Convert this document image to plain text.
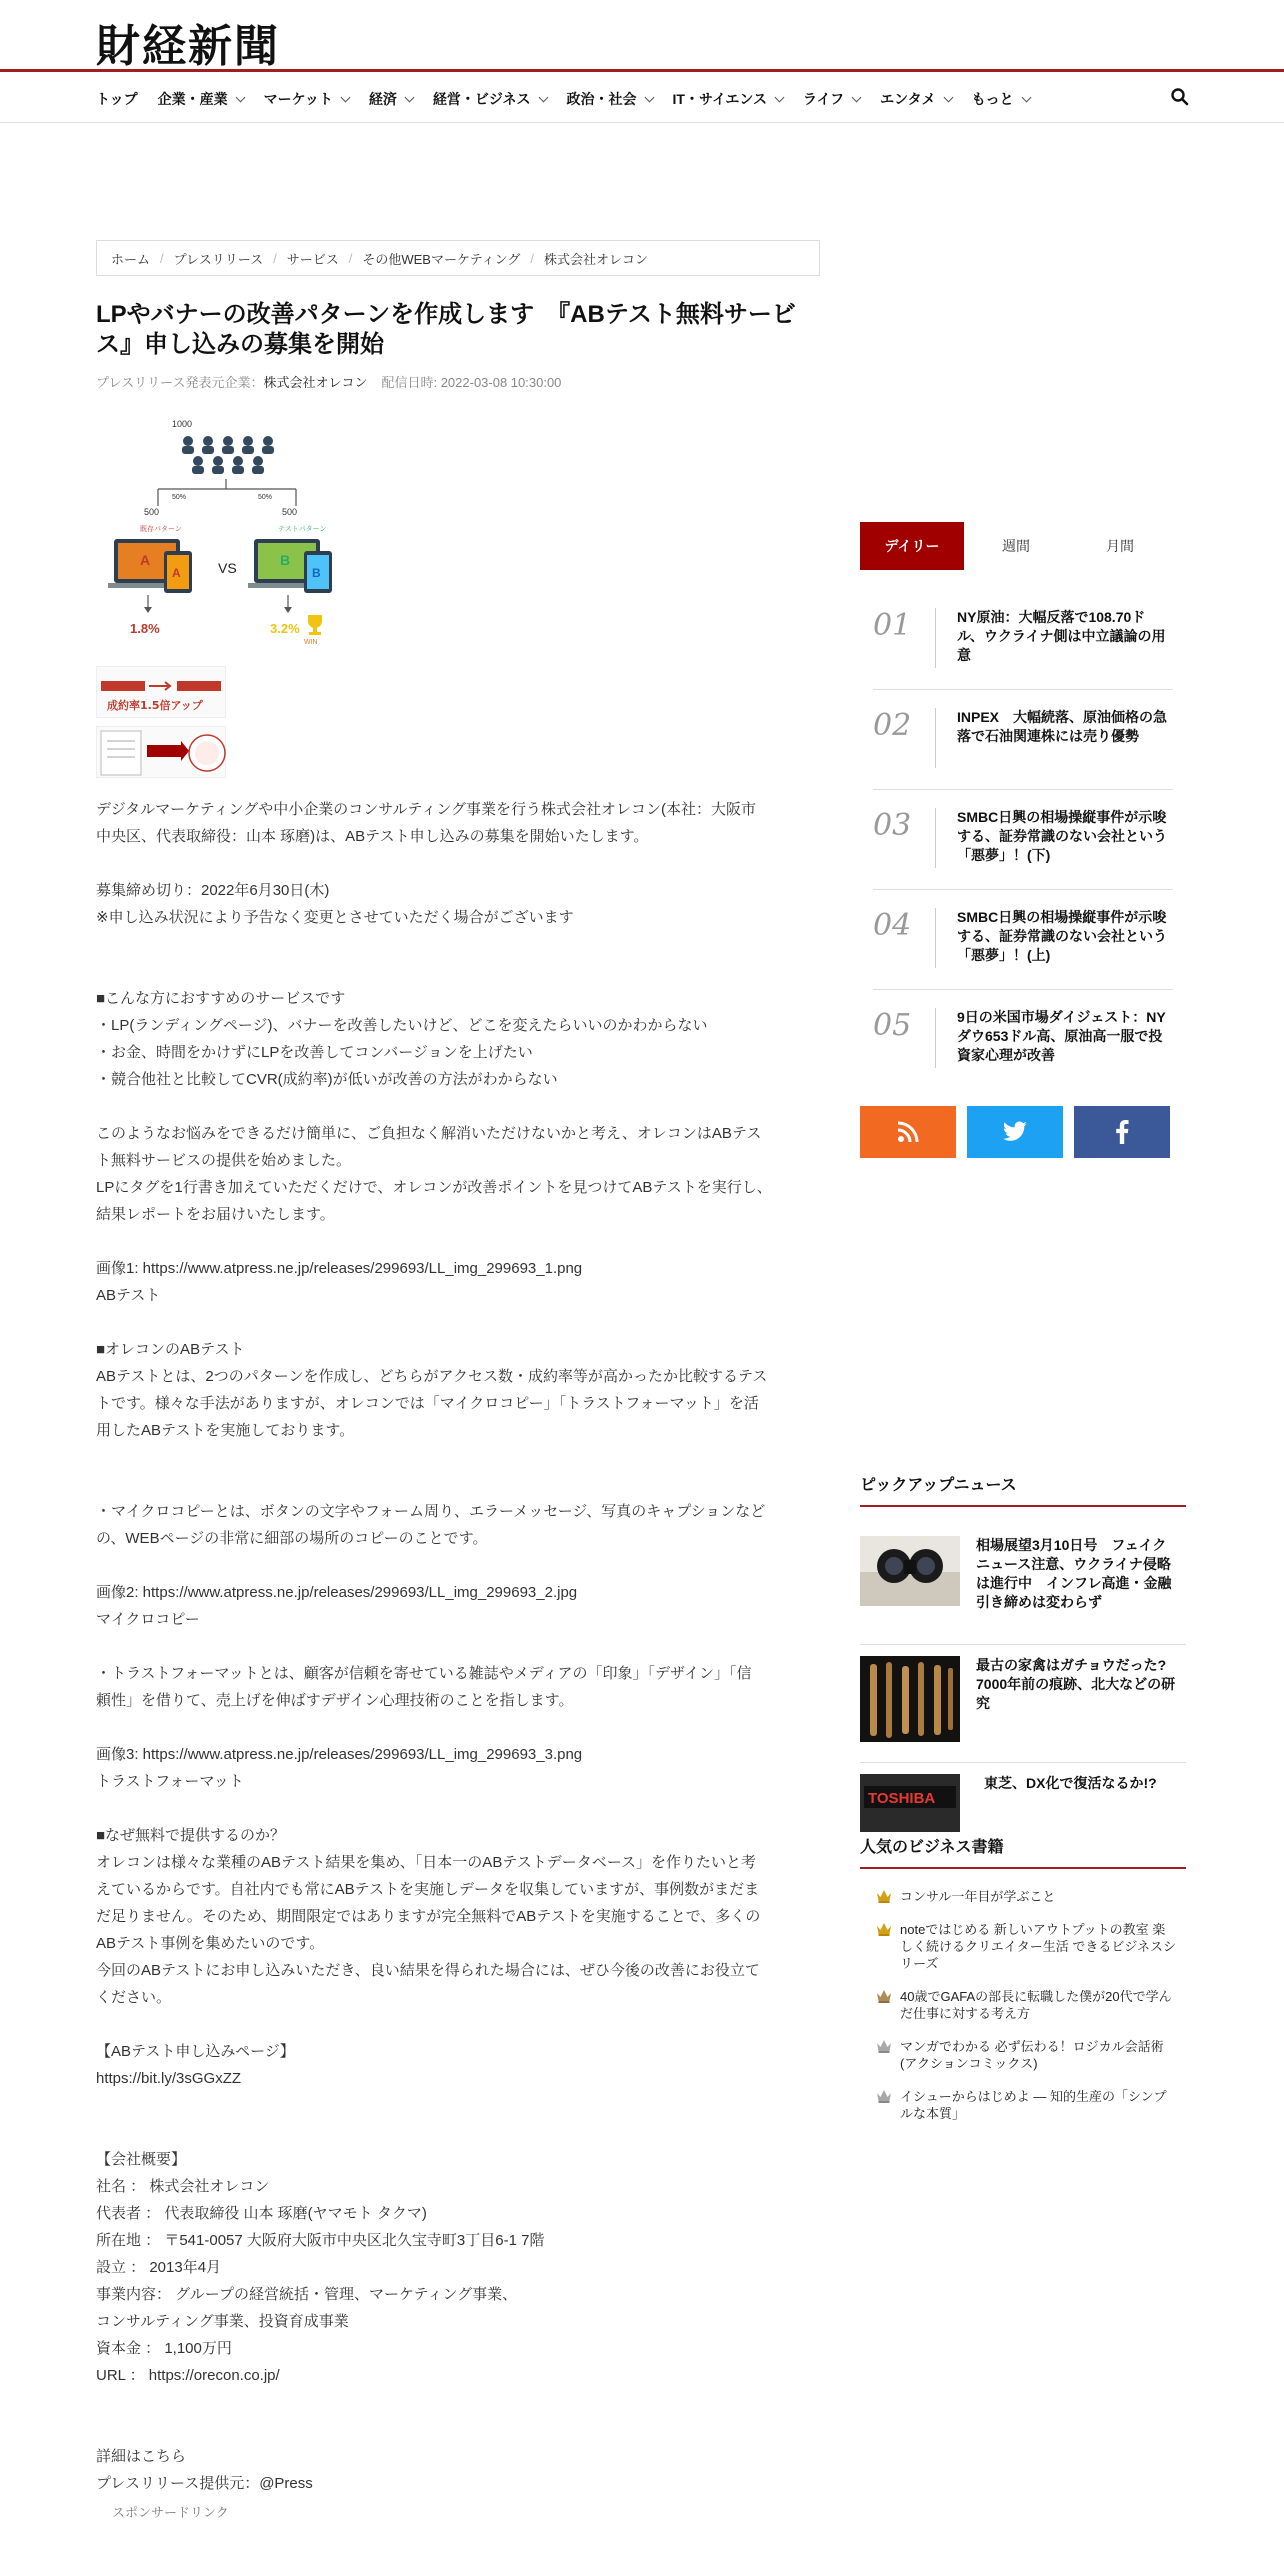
財経新聞
トップ 企業・産業	マーケット	経済	経営・ビジネス	政治・社会	IT・サイエンス	ライフ	エンタメ	もっと
ホーム / プレスリリース / サービス / その他WEBマーケティング / 株式会社オレコン
LPやバナーの改善パターンを作成します　『ABテスト無料サービス』申し込みの募集を開始
プレスリリース発表元企業：株式会社オレコン 配信日時: 2022-03-08 10:30:00
1000
50%	50%
500	500
既存パターン	テストパターン
A
A	VS	B
B
1.8%	3.2%
WIN
成約率1.5倍アップ
デジタルマーケティングや中小企業のコンサルティング事業を行う株式会社オレコン(本社：大阪市
中央区、代表取締役：山本 琢磨)は、ABテスト申し込みの募集を開始いたします。
募集締め切り：2022年6月30日(木)
※申し込み状況により予告なく変更とさせていただく場合がございます
■こんな方におすすめのサービスです
・LP(ランディングページ)、バナーを改善したいけど、どこを変えたらいいのかわからない
・お金、時間をかけずにLPを改善してコンバージョンを上げたい
・競合他社と比較してCVR(成約率)が低いが改善の方法がわからない
このようなお悩みをできるだけ簡単に、ご負担なく解消いただけないかと考え、オレコンはABテス
ト無料サービスの提供を始めました。
LPにタグを1行書き加えていただくだけで、オレコンが改善ポイントを見つけてABテストを実行し、
結果レポートをお届けいたします。
画像1: https://www.atpress.ne.jp/releases/299693/LL_img_299693_1.png
ABテスト
■オレコンのABテスト
ABテストとは、2つのパターンを作成し、どちらがアクセス数・成約率等が高かったか比較するテス
トです。様々な手法がありますが、オレコンでは「マイクロコピー」「トラストフォーマット」を活
用したABテストを実施しております。
・マイクロコピーとは、ボタンの文字やフォーム周り、エラーメッセージ、写真のキャプションなど
の、WEBページの非常に細部の場所のコピーのことです。
画像2: https://www.atpress.ne.jp/releases/299693/LL_img_299693_2.jpg
マイクロコピー
・トラストフォーマットとは、顧客が信頼を寄せている雑誌やメディアの「印象」「デザイン」「信
頼性」を借りて、売上げを伸ばすデザイン心理技術のことを指します。
画像3: https://www.atpress.ne.jp/releases/299693/LL_img_299693_3.png
トラストフォーマット
■なぜ無料で提供するのか？
オレコンは様々な業種のABテスト結果を集め、「日本一のABテストデータベース」を作りたいと考
えているからです。自社内でも常にABテストを実施しデータを収集していますが、事例数がまだま
だ足りません。そのため、期間限定ではありますが完全無料でABテストを実施することで、多くの
ABテスト事例を集めたいのです。
今回のABテストにお申し込みいただき、良い結果を得られた場合には、ぜひ今後の改善にお役立て
ください。
【ABテスト申し込みページ】
https://bit.ly/3sGGxZZ
【会社概要】
社名 ： 株式会社オレコン
代表者 ： 代表取締役 山本 琢磨(ヤマモト タクマ)
所在地 ： 〒541-0057 大阪府大阪市中央区北久宝寺町3丁目6-1 7階
設立 ： 2013年4月
事業内容： グループの経営統括・管理、マーケティング事業、
コンサルティング事業、投資育成事業
資本金 ： 1,100万円
URL ： https://orecon.co.jp/
詳細はこちら
プレスリリース提供元：@Press
スポンサードリンク
デイリー	週間	月間
01	NY原油：大幅反落で108.70ドル、ウクライナ側は中立議論の用意
02	INPEX　大幅続落、原油価格の急落で石油関連株には売り優勢
03	SMBC日興の相場操縦事件が示唆する、証券常識のない会社という「悪夢」！(下)
04	SMBC日興の相場操縦事件が示唆する、証券常識のない会社という「悪夢」！(上)
05	9日の米国市場ダイジェスト：NYダウ653ドル高、原油高一服で投資家心理が改善
ピックアップニュース
相場展望3月10日号　フェイクニュース注意、ウクライナ侵略は進行中　インフレ高進・金融引き締めは変わらず
最古の家禽はガチョウだった? 7000年前の痕跡、北大などの研究
TOSHIBA
東芝、DX化で復活なるか!?
人気のビジネス書籍
コンサル一年目が学ぶこと
noteではじめる 新しいアウトプットの教室 楽しく続けるクリエイター生活 できるビジネスシリーズ
40歳でGAFAの部長に転職した僕が20代で学んだ仕事に対する考え方
マンガでわかる 必ず伝わる！ロジカル会話術 (アクションコミックス)
イシューからはじめよ ― 知的生産の「シンプルな本質」
